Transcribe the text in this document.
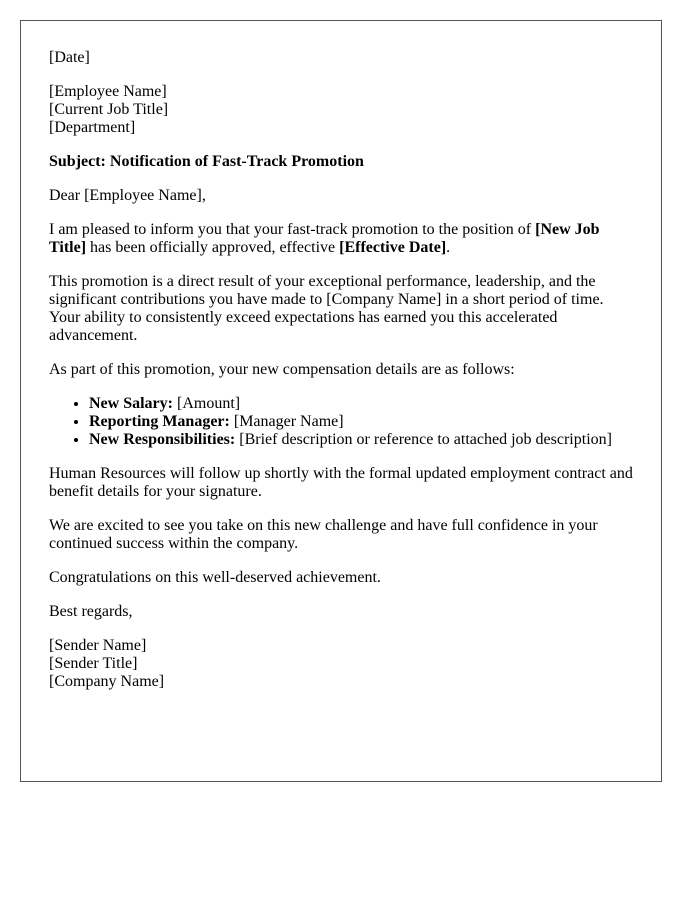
[Date]

[Employee Name]
[Current Job Title]
[Department]

Subject: Notification of Fast-Track Promotion

Dear [Employee Name],

I am pleased to inform you that your fast-track promotion to the position of [New Job Title] has been officially approved, effective [Effective Date].

This promotion is a direct result of your exceptional performance, leadership, and the significant contributions you have made to [Company Name] in a short period of time. Your ability to consistently exceed expectations has earned you this accelerated advancement.

As part of this promotion, your new compensation details are as follows:

• New Salary: [Amount]
• Reporting Manager: [Manager Name]
• New Responsibilities: [Brief description or reference to attached job description]

Human Resources will follow up shortly with the formal updated employment contract and benefit details for your signature.

We are excited to see you take on this new challenge and have full confidence in your continued success within the company.

Congratulations on this well-deserved achievement.

Best regards,

[Sender Name]
[Sender Title]
[Company Name]
